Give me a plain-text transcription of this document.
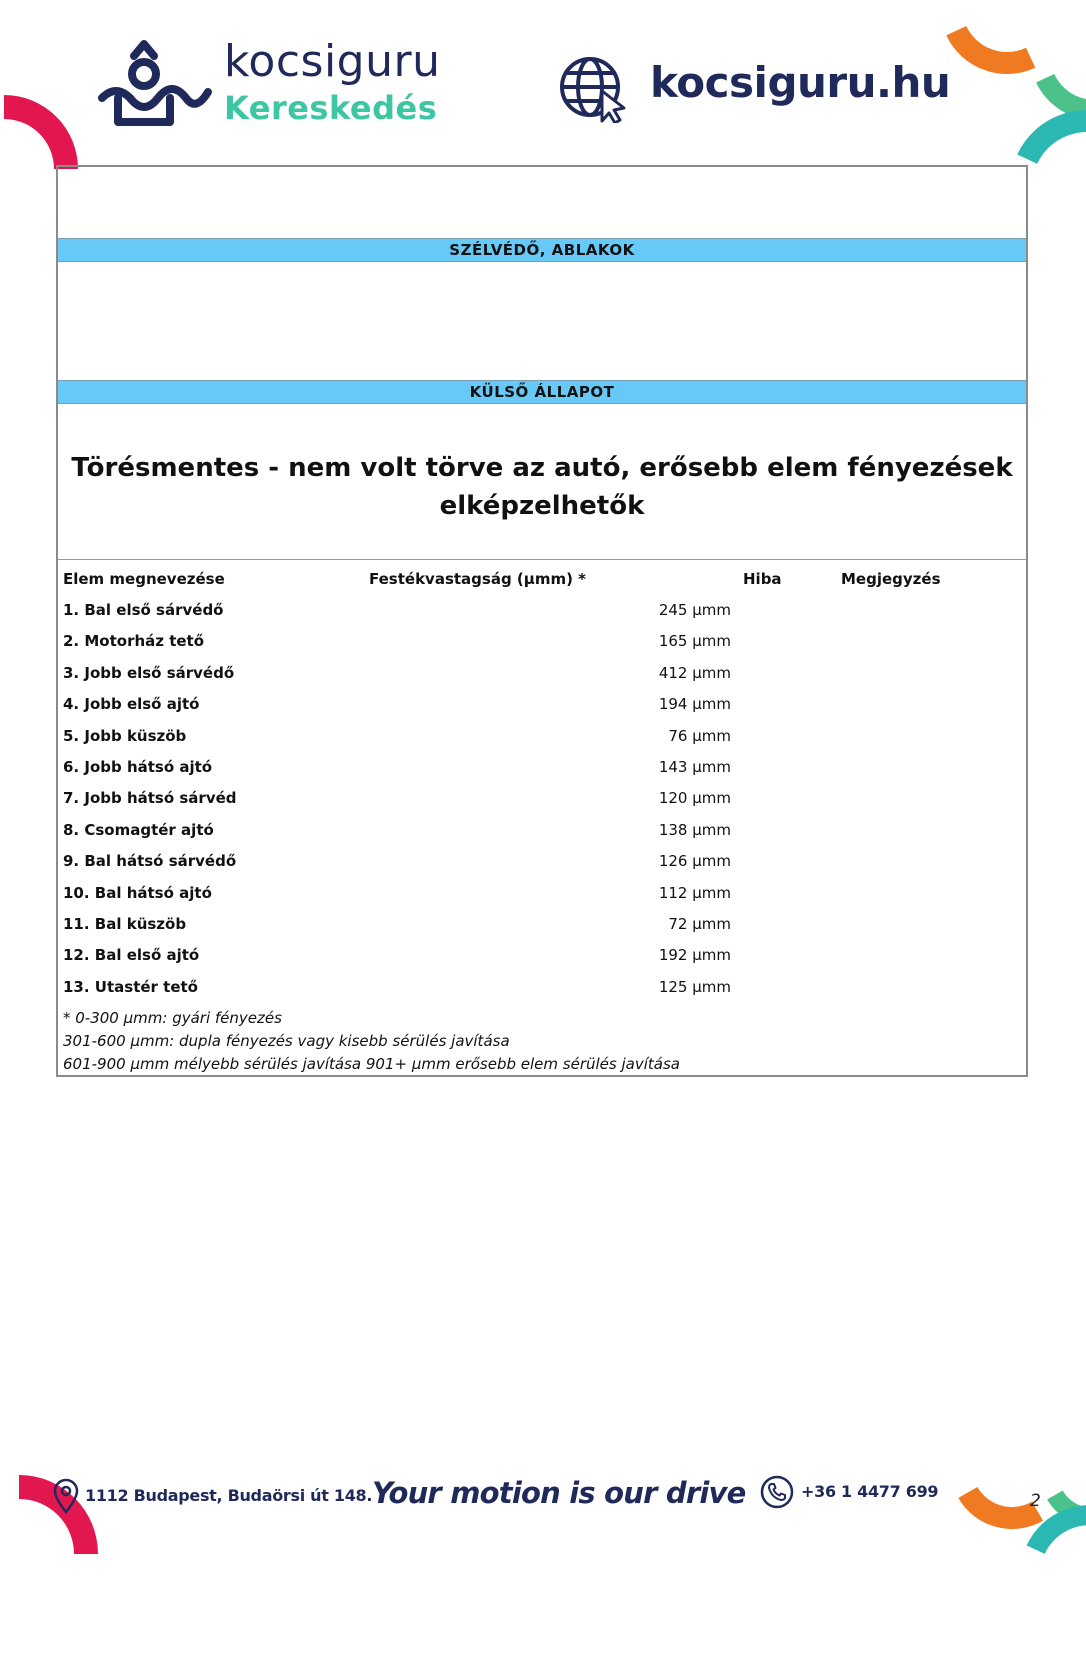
kocsiguru
Kereskedés
kocsiguru.hu
SZÉLVÉDŐ, ABLAKOK
KÜLSŐ ÁLLAPOT
Törésmentes - nem volt törve az autó, erősebb elem fényezések
elképzelhetők
Elem megnevezése	Festékvastagság (µmm) *	Hiba	Megjegyzés
1. Bal első sárvédő	245 µmm
2. Motorház tető	165 µmm
3. Jobb első sárvédő	412 µmm
4. Jobb első ajtó	194 µmm
5. Jobb küszöb	76 µmm
6. Jobb hátsó ajtó	143 µmm
7. Jobb hátsó sárvéd	120 µmm
8. Csomagtér ajtó	138 µmm
9. Bal hátsó sárvédő	126 µmm
10. Bal hátsó ajtó	112 µmm
11. Bal küszöb	72 µmm
12. Bal első ajtó	192 µmm
13. Utastér tető	125 µmm
* 0-300 µmm: gyári fényezés
301-600 µmm: dupla fényezés vagy kisebb sérülés javítása
601-900 µmm mélyebb sérülés javítása 901+ µmm erősebb elem sérülés javítása
1112 Budapest, Budaörsi út 148. Your motion is our drive	+36 1 4477 699	2
